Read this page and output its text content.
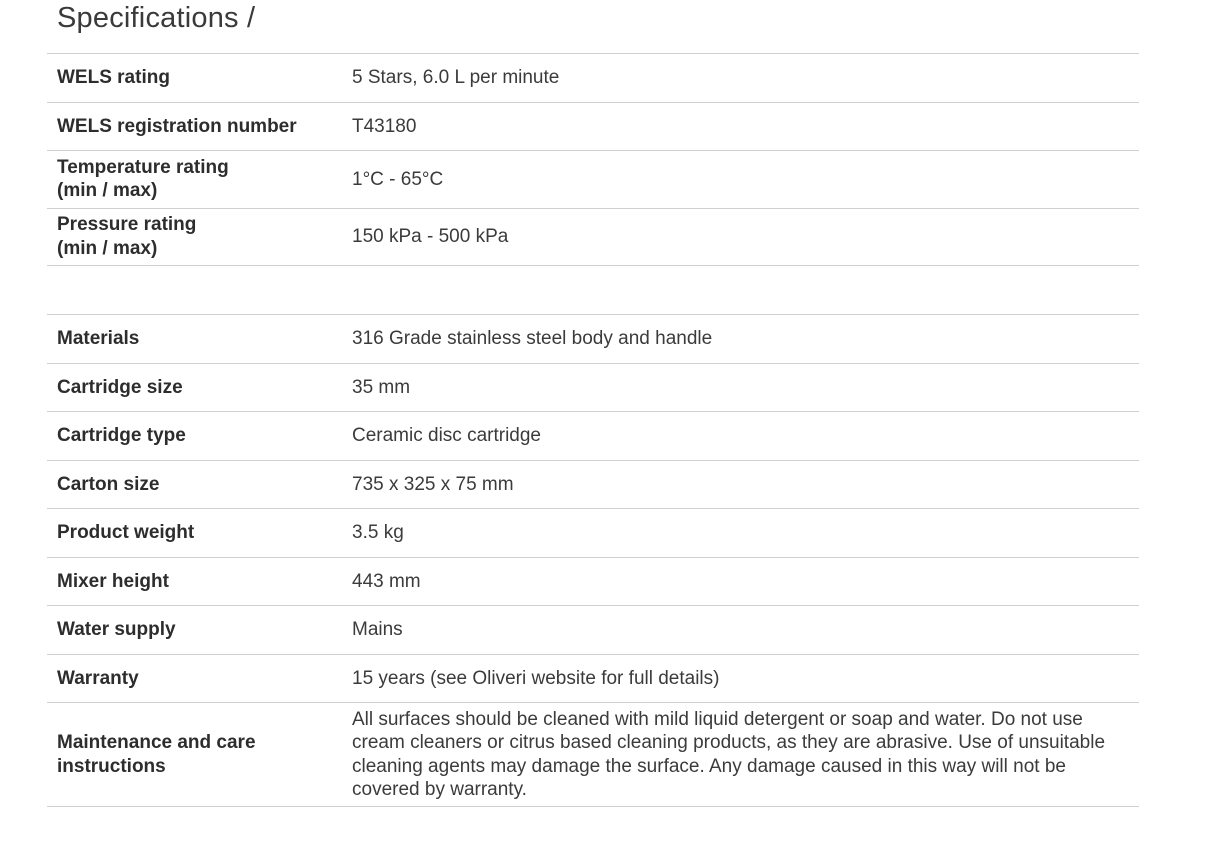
Specifications /
WELS rating	5 Stars, 6.0 L per minute
WELS registration number	T43180
Temperature rating
(min / max)	1°C - 65°C
Pressure rating
(min / max)	150 kPa - 500 kPa
Materials	316 Grade stainless steel body and handle
Cartridge size	35 mm
Cartridge type	Ceramic disc cartridge
Carton size	735 x 325 x 75 mm
Product weight	3.5 kg
Mixer height	443 mm
Water supply	Mains
Warranty	15 years (see Oliveri website for full details)
Maintenance and care
instructions	All surfaces should be cleaned with mild liquid detergent or soap and water. Do not use
cream cleaners or citrus based cleaning products, as they are abrasive. Use of unsuitable
cleaning agents may damage the surface. Any damage caused in this way will not be
covered by warranty.
